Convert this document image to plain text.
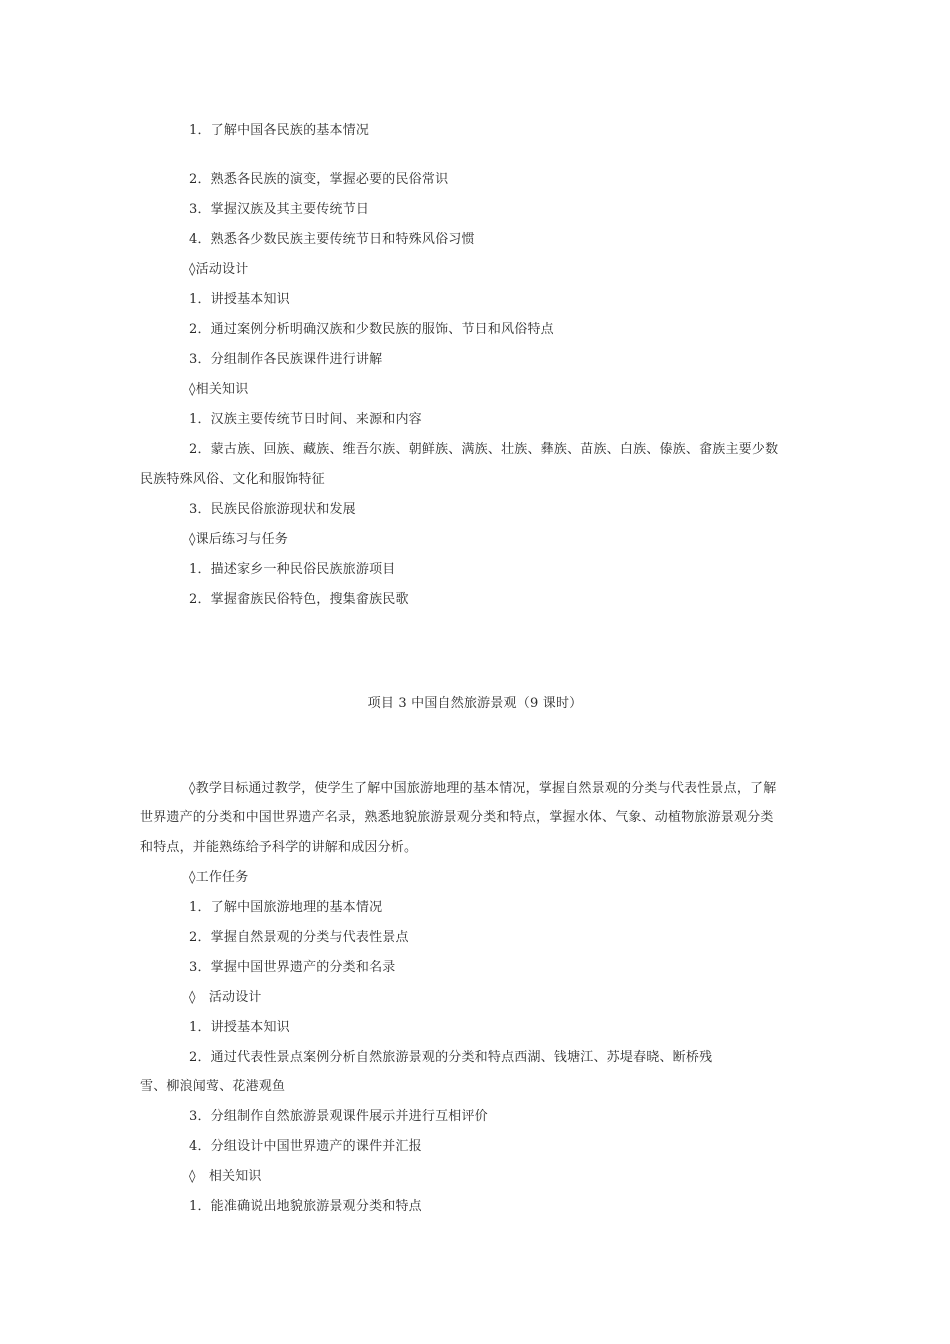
1．了解中国各民族的基本情况
2．熟悉各民族的演变，掌握必要的民俗常识
3．掌握汉族及其主要传统节日
4．熟悉各少数民族主要传统节日和特殊风俗习惯
◊活动设计
1．讲授基本知识
2．通过案例分析明确汉族和少数民族的服饰、节日和风俗特点
3．分组制作各民族课件进行讲解
◊相关知识
1．汉族主要传统节日时间、来源和内容
2．蒙古族、回族、藏族、维吾尔族、朝鲜族、满族、壮族、彝族、苗族、白族、傣族、畲族主要少数
民族特殊风俗、文化和服饰特征
3．民族民俗旅游现状和发展
◊课后练习与任务
1．描述家乡一种民俗民族旅游项目
2．掌握畲族民俗特色，搜集畲族民歌
项目 3 中国自然旅游景观（9 课时）
◊教学目标通过教学，使学生了解中国旅游地理的基本情况，掌握自然景观的分类与代表性景点，了解
世界遗产的分类和中国世界遗产名录，熟悉地貌旅游景观分类和特点，掌握水体、气象、动植物旅游景观分类
和特点，并能熟练给予科学的讲解和成因分析。
◊工作任务
1．了解中国旅游地理的基本情况
2．掌握自然景观的分类与代表性景点
3．掌握中国世界遗产的分类和名录
◊　活动设计
1．讲授基本知识
2．通过代表性景点案例分析自然旅游景观的分类和特点西湖、钱塘江、苏堤春晓、断桥残
雪、柳浪闻莺、花港观鱼
3．分组制作自然旅游景观课件展示并进行互相评价
4．分组设计中国世界遗产的课件并汇报
◊　相关知识
1．能准确说出地貌旅游景观分类和特点
